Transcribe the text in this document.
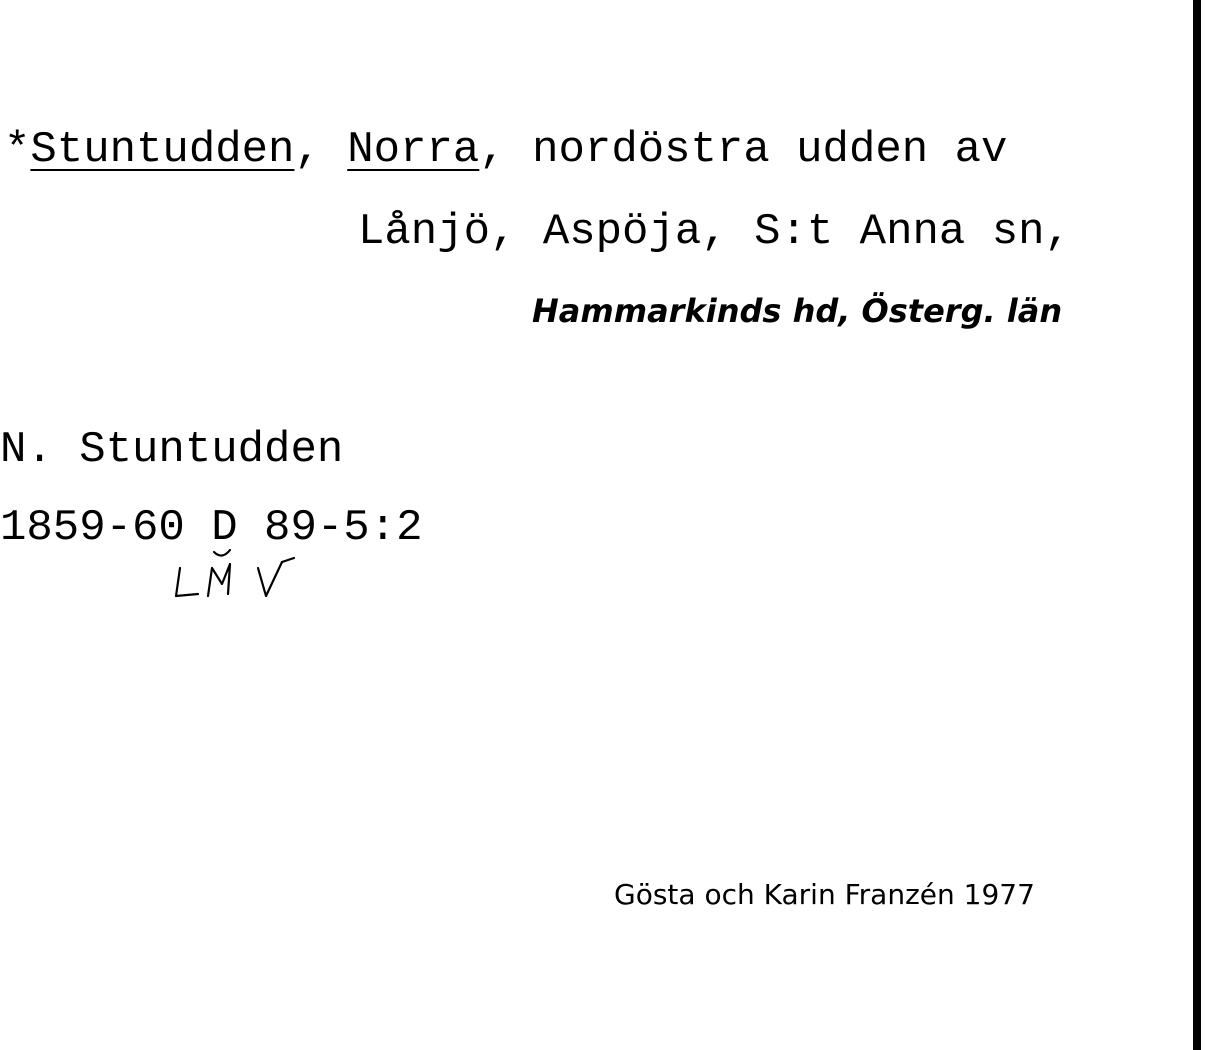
*Stuntudden, Norra, nordöstra udden av
Lånjö, Aspöja, S:t Anna sn,
Hammarkinds hd, Österg. län
N. Stuntudden
1859-60 D 89-5:2
Gösta och Karin Franzén 1977
